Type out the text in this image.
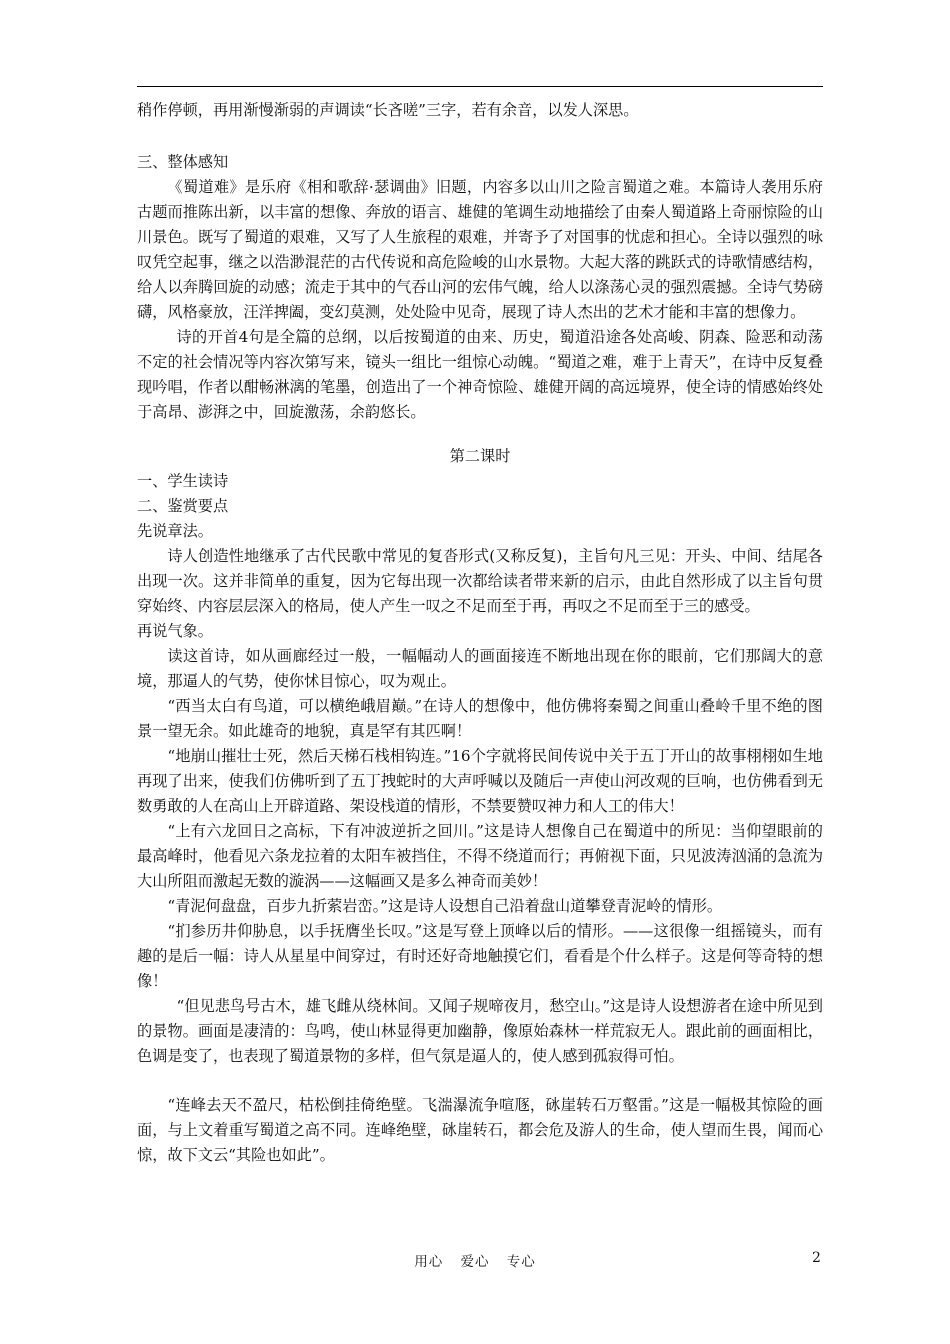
稍作停顿，再用渐慢渐弱的声调读“长吝嗟”三字，若有余音，以发人深思。

三、整体感知

《蜀道难》是乐府《相和歌辞·瑟调曲》旧题，内容多以山川之险言蜀道之难。本篇诗人袭用乐府古题而推陈出新，以丰富的想像、奔放的语言、雄健的笔调生动地描绘了由秦人蜀道路上奇丽惊险的山川景色。既写了蜀道的艰难，又写了人生旅程的艰难，并寄予了对国事的忧虑和担心。全诗以强烈的咏叹凭空起事，继之以浩渺混茫的古代传说和高危险峻的山水景物。大起大落的跳跃式的诗歌情感结构，给人以奔腾回旋的动感；流走于其中的气吞山河的宏伟气魄，给人以涤荡心灵的强烈震撼。全诗气势磅礴，风格豪放，汪洋捭阖，变幻莫测，处处险中见奇，展现了诗人杰出的艺术才能和丰富的想像力。

诗的开首4句是全篇的总纲，以后按蜀道的由来、历史，蜀道沿途各处高峻、阴森、险恶和动荡不定的社会情况等内容次第写来，镜头一组比一组惊心动魄。“蜀道之难，难于上青天”，在诗中反复叠现吟唱，作者以酣畅淋漓的笔墨，创造出了一个神奇惊险、雄健开阔的高远境界，使全诗的情感始终处于高昂、澎湃之中，回旋激荡，余韵悠长。

第二课时

一、学生读诗

二、鉴赏要点

先说章法。

诗人创造性地继承了古代民歌中常见的复沓形式(又称反复)，主旨句凡三见：开头、中间、结尾各出现一次。这并非简单的重复，因为它每出现一次都给读者带来新的启示，由此自然形成了以主旨句贯穿始终、内容层层深入的格局，使人产生一叹之不足而至于再，再叹之不足而至于三的感受。

再说气象。

读这首诗，如从画廊经过一般，一幅幅动人的画面接连不断地出现在你的眼前，它们那阔大的意境，那逼人的气势，使你怵目惊心，叹为观止。

“西当太白有鸟道，可以横绝峨眉巅。”在诗人的想像中，他仿佛将秦蜀之间重山叠岭千里不绝的图景一望无余。如此雄奇的地貌，真是罕有其匹啊！

“地崩山摧壮士死，然后天梯石栈相钩连。”16个字就将民间传说中关于五丁开山的故事栩栩如生地再现了出来，使我们仿佛听到了五丁拽蛇时的大声呼喊以及随后一声使山河改观的巨响，也仿佛看到无数勇敢的人在高山上开辟道路、架设栈道的情形，不禁要赞叹神力和人工的伟大！

“上有六龙回日之高标，下有冲波逆折之回川。”这是诗人想像自己在蜀道中的所见：当仰望眼前的最高峰时，他看见六条龙拉着的太阳车被挡住，不得不绕道而行；再俯视下面，只见波涛汹涌的急流为大山所阻而激起无数的漩涡——这幅画又是多么神奇而美妙！

“青泥何盘盘，百步九折萦岩峦。”这是诗人设想自己沿着盘山道攀登青泥岭的情形。

“扪参历井仰胁息，以手抚膺坐长叹。”这是写登上顶峰以后的情形。——这很像一组摇镜头，而有趣的是后一幅：诗人从星星中间穿过，有时还好奇地触摸它们，看看是个什么样子。这是何等奇特的想像！

“但见悲鸟号古木，雄飞雌从绕林间。又闻子规啼夜月，愁空山。”这是诗人设想游者在途中所见到的景物。画面是凄清的：鸟鸣，使山林显得更加幽静，像原始森林一样荒寂无人。跟此前的画面相比，色调是变了，也表现了蜀道景物的多样，但气氛是逼人的，使人感到孤寂得可怕。

“连峰去天不盈尺，枯松倒挂倚绝壁。飞湍瀑流争喧豗，砯崖转石万壑雷。”这是一幅极其惊险的画面，与上文着重写蜀道之高不同。连峰绝壁，砯崖转石，都会危及游人的生命，使人望而生畏，闻而心惊，故下文云“其险也如此”。

用心 爱心 专心	2
